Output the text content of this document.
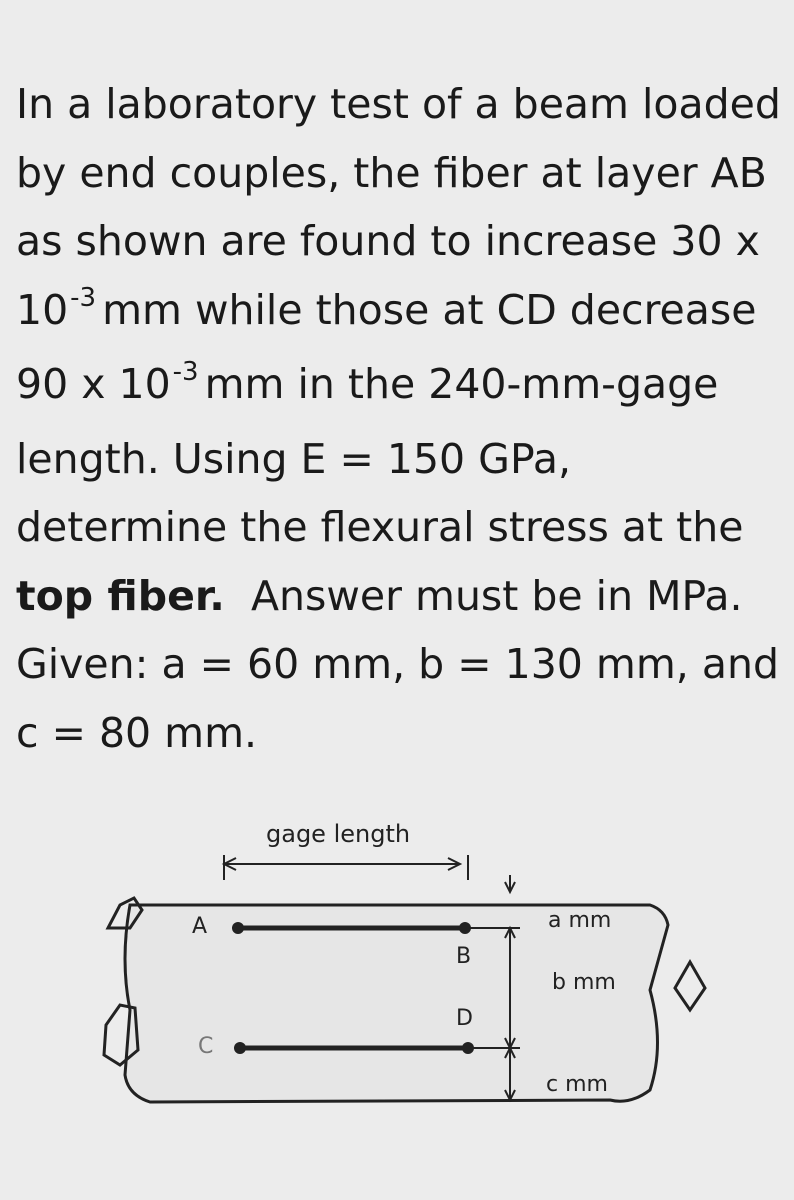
In a laboratory test of a beam loaded
by end couples, the fiber at layer AB
as shown are found to increase 30 x
$10^{-3}$ mm while those at CD decrease
90 x $10^{-3}$ mm in the 240-mm-gage
length. Using E = 150 GPa,
determine the flexural stress at the
top fiber. Answer must be in MPa.
Given: a = 60 mm, b = 130 mm, and
c = 80 mm.
gage length
A
B
C
D
a mm
b mm
c mm
